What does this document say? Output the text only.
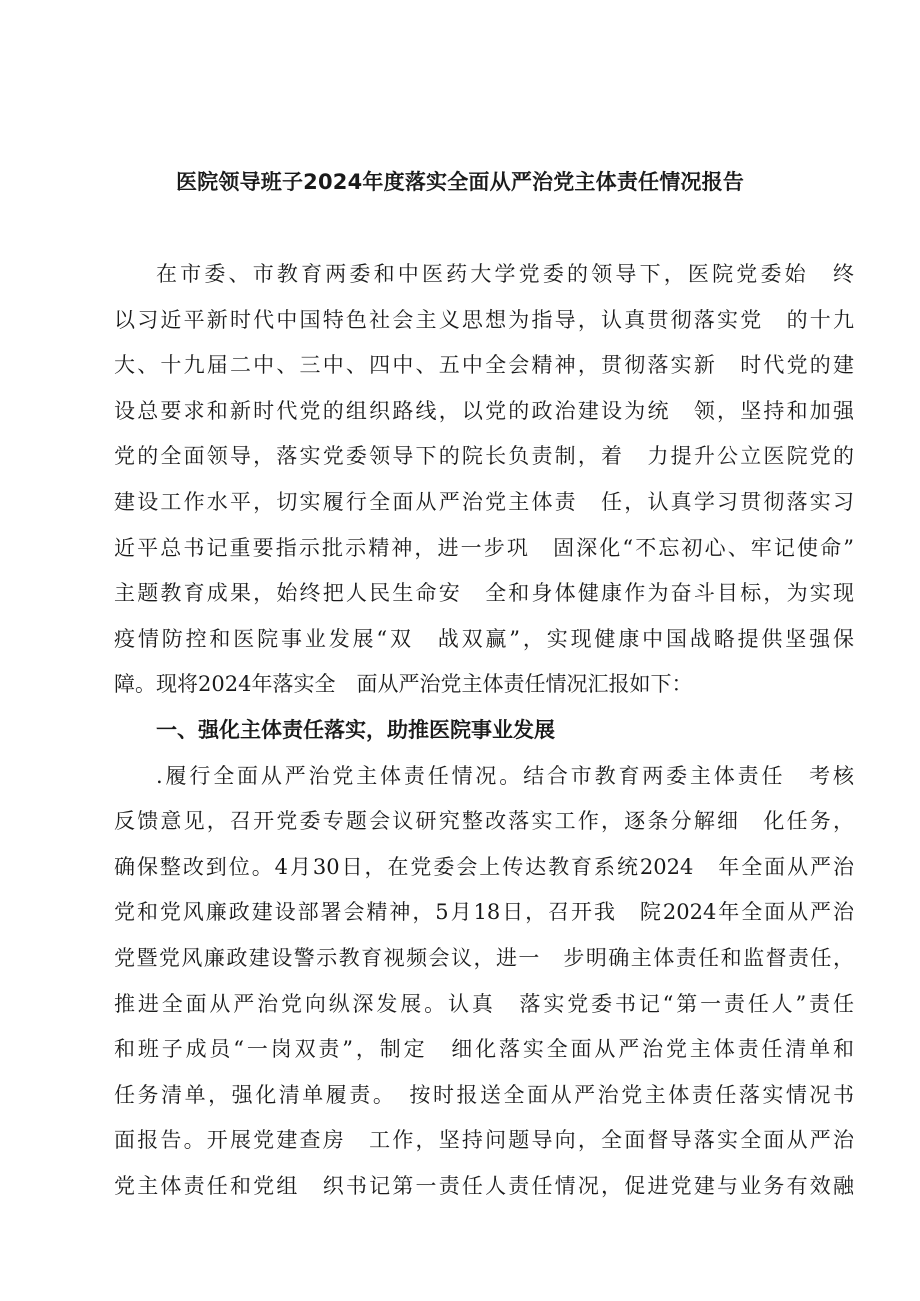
医院领导班子2024年度落实全面从严治党主体责任情况报告
在市委、市教育两委和中医药大学党委的领导下，医院党委始　终
以习近平新时代中国特色社会主义思想为指导，认真贯彻落实党　的十九
大、十九届二中、三中、四中、五中全会精神，贯彻落实新　时代党的建
设总要求和新时代党的组织路线，以党的政治建设为统　领，坚持和加强
党的全面领导，落实党委领导下的院长负责制，着　力提升公立医院党的
建设工作水平，切实履行全面从严治党主体责　任，认真学习贯彻落实习
近平总书记重要指示批示精神，进一步巩　固深化“不忘初心、牢记使命”
主题教育成果，始终把人民生命安　全和身体健康作为奋斗目标，为实现
疫情防控和医院事业发展“双　战双赢”，实现健康中国战略提供坚强保
障。现将2024年落实全　面从严治党主体责任情况汇报如下：
一、强化主体责任落实，助推医院事业发展
.履行全面从严治党主体责任情况。结合市教育两委主体责任　考核
反馈意见，召开党委专题会议研究整改落实工作，逐条分解细　化任务，
确保整改到位。4月30日，在党委会上传达教育系统2024　年全面从严治
党和党风廉政建设部署会精神，5月18日，召开我　院2024年全面从严治
党暨党风廉政建设警示教育视频会议，进一　步明确主体责任和监督责任，
推进全面从严治党向纵深发展。认真　落实党委书记“第一责任人”责任
和班子成员“一岗双责”，制定　细化落实全面从严治党主体责任清单和
任务清单，强化清单履责。　按时报送全面从严治党主体责任落实情况书
面报告。开展党建查房　工作，坚持问题导向，全面督导落实全面从严治
党主体责任和党组　织书记第一责任人责任情况，促进党建与业务有效融
